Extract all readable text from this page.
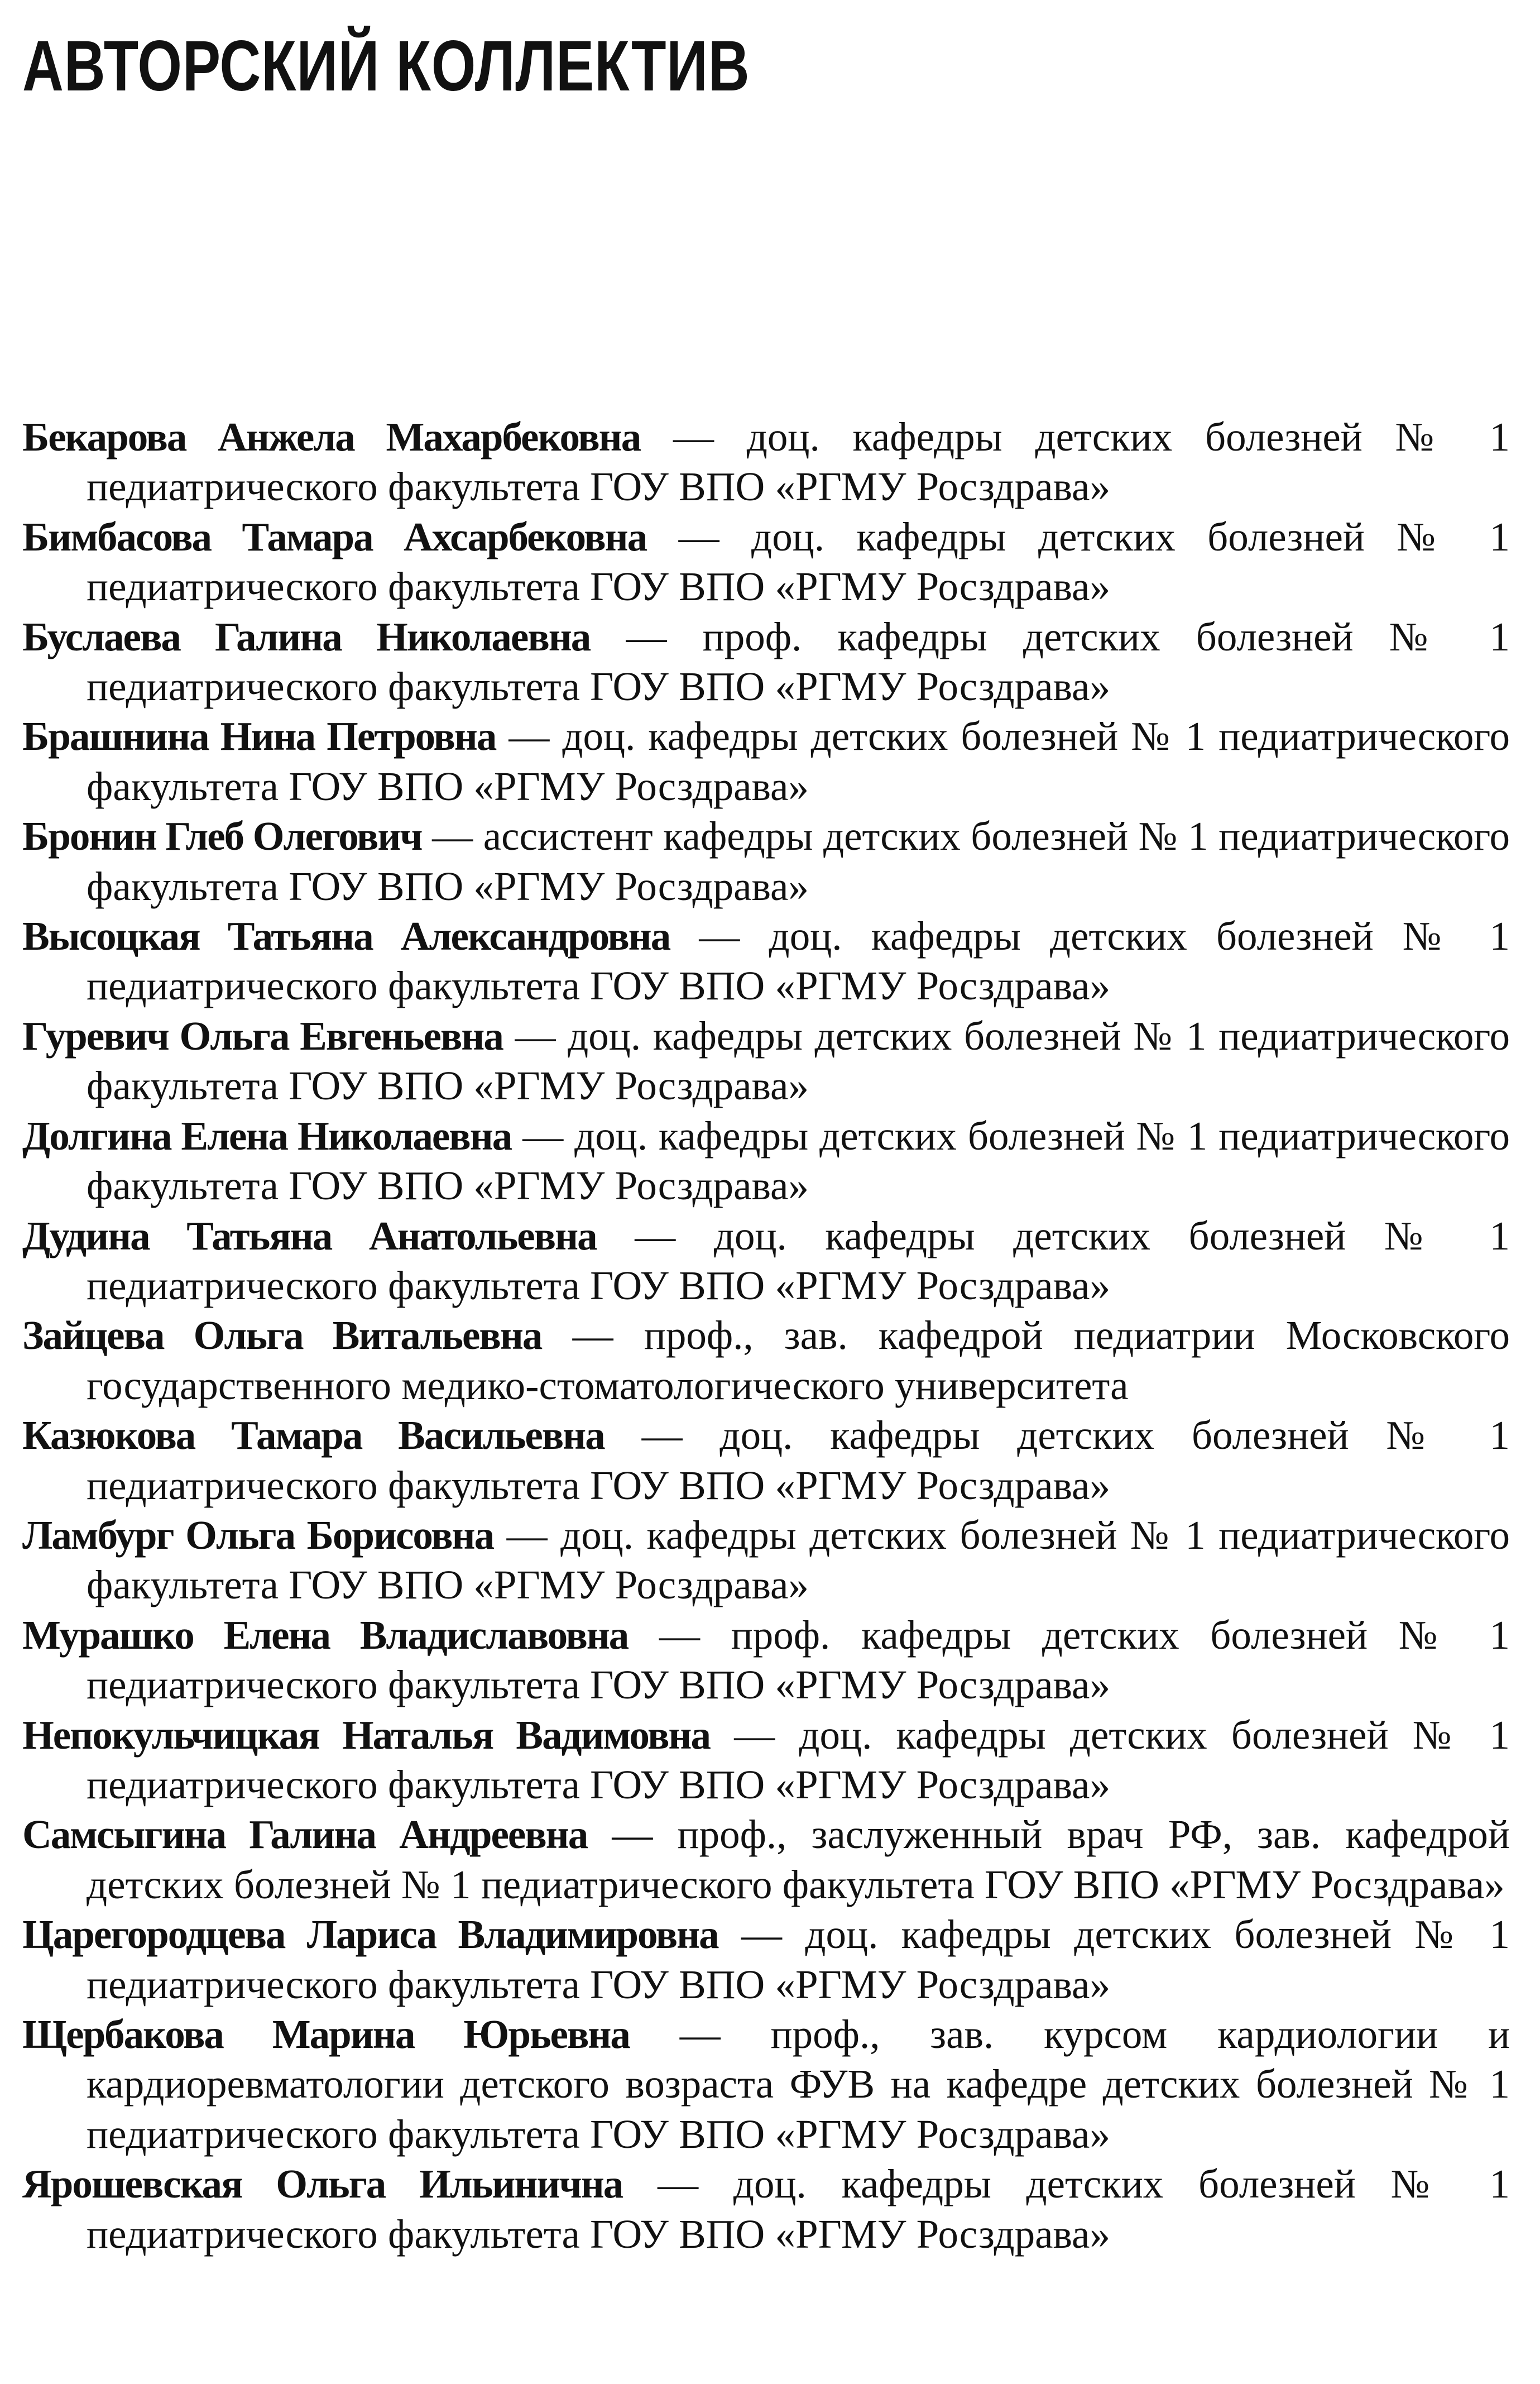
АВТОРСКИЙ КОЛЛЕКТИВ
Бекарова Анжела Махарбековна — доц. кафедры детских болезней № 1 педиатрического факультета ГОУ ВПО «РГМУ Росздрава»
Бимбасова Тамара Ахсарбековна — доц. кафедры детских болезней № 1 педиатрического факультета ГОУ ВПО «РГМУ Росздрава»
Буслаева Галина Николаевна — проф. кафедры детских болезней № 1 педиатрического факультета ГОУ ВПО «РГМУ Росздрава»
Брашнина Нина Петровна — доц. кафедры детских болезней № 1 педиатрического факультета ГОУ ВПО «РГМУ Росздрава»
Бронин Глеб Олегович — ассистент кафедры детских болезней № 1 педиатрического факультета ГОУ ВПО «РГМУ Росздрава»
Высоцкая Татьяна Александровна — доц. кафедры детских болезней № 1 педиатрического факультета ГОУ ВПО «РГМУ Росздрава»
Гуревич Ольга Евгеньевна — доц. кафедры детских болезней № 1 педиатрического факультета ГОУ ВПО «РГМУ Росздрава»
Долгина Елена Николаевна — доц. кафедры детских болезней № 1 педиатрического факультета ГОУ ВПО «РГМУ Росздрава»
Дудина Татьяна Анатольевна — доц. кафедры детских болезней № 1 педиатрического факультета ГОУ ВПО «РГМУ Росздрава»
Зайцева Ольга Витальевна — проф., зав. кафедрой педиатрии Московского государственного медико-стоматологического университета
Казюкова Тамара Васильевна — доц. кафедры детских болезней № 1 педиатрического факультета ГОУ ВПО «РГМУ Росздрава»
Ламбург Ольга Борисовна — доц. кафедры детских болезней № 1 педиатрического факультета ГОУ ВПО «РГМУ Росздрава»
Мурашко Елена Владиславовна — проф. кафедры детских болезней № 1 педиатрического факультета ГОУ ВПО «РГМУ Росздрава»
Непокульчицкая Наталья Вадимовна — доц. кафедры детских болезней № 1 педиатрического факультета ГОУ ВПО «РГМУ Росздрава»
Самсыгина Галина Андреевна — проф., заслуженный врач РФ, зав. кафедрой детских болезней № 1 педиатрического факультета ГОУ ВПО «РГМУ Росздрава»
Царегородцева Лариса Владимировна — доц. кафедры детских болезней № 1 педиатрического факультета ГОУ ВПО «РГМУ Росздрава»
Щербакова Марина Юрьевна — проф., зав. курсом кардиологии и кардиоревматологии детского возраста ФУВ на кафедре детских болезней № 1 педиатрического факультета ГОУ ВПО «РГМУ Росздрава»
Ярошевская Ольга Ильинична — доц. кафедры детских болезней № 1 педиатрического факультета ГОУ ВПО «РГМУ Росздрава»
